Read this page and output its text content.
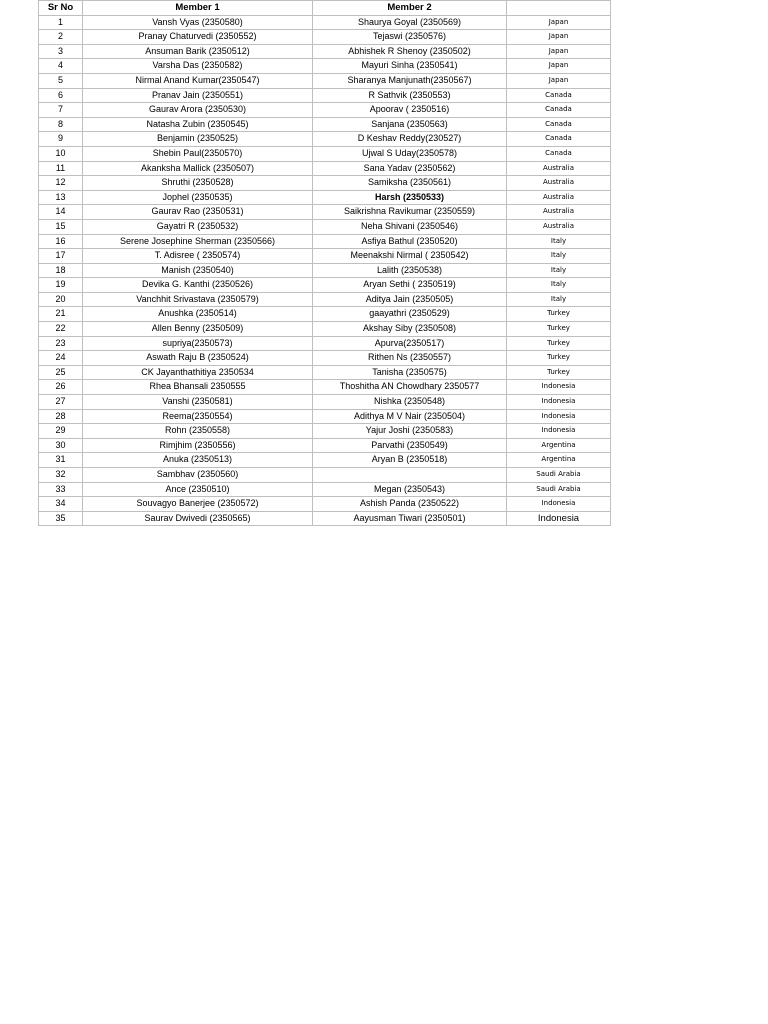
Sr No	Member 1	Member 2	
1	Vansh Vyas (2350580)	Shaurya Goyal (2350569)	Japan
2	Pranay Chaturvedi (2350552)	Tejaswi (2350576)	Japan
3	Ansuman Barik (2350512)	Abhishek R Shenoy (2350502)	Japan
4	Varsha Das (2350582)	Mayuri Sinha (2350541)	Japan
5	Nirmal Anand Kumar(2350547)	Sharanya Manjunath(2350567)	Japan
6	Pranav Jain (2350551)	R Sathvik (2350553)	Canada
7	Gaurav Arora (2350530)	Apoorav ( 2350516)	Canada
8	Natasha Zubin (2350545)	Sanjana (2350563)	Canada
9	Benjamin (2350525)	D Keshav Reddy(230527)	Canada
10	Shebin Paul(2350570)	Ujwal S Uday(2350578)	Canada
11	Akanksha Mallick (2350507)	Sana Yadav (2350562)	Australia
12	Shruthi (2350528)	Samiksha (2350561)	Australia
13	Jophel (2350535)	Harsh (2350533)	Australia
14	Gaurav Rao (2350531)	Saikrishna Ravikumar (2350559)	Australia
15	Gayatri R (2350532)	Neha Shivani (2350546)	Australia
16	Serene Josephine Sherman (2350566)	Asfiya Bathul (2350520)	Italy
17	T. Adisree ( 2350574)	Meenakshi Nirmal ( 2350542)	Italy
18	Manish (2350540)	Lalith (2350538)	Italy
19	Devika G. Kanthi (2350526)	Aryan Sethi ( 2350519)	Italy
20	Vanchhit Srivastava (2350579)	Aditya Jain (2350505)	Italy
21	Anushka (2350514)	gaayathri (2350529)	Turkey
22	Allen Benny (2350509)	Akshay Siby (2350508)	Turkey
23	supriya(2350573)	Apurva(2350517)	Turkey
24	Aswath Raju B (2350524)	Rithen Ns (2350557)	Turkey
25	CK Jayanthathitiya 2350534	Tanisha (2350575)	Turkey
26	Rhea Bhansali 2350555	Thoshitha AN Chowdhary 2350577	Indonesia
27	Vanshi (2350581)	Nishka (2350548)	Indonesia
28	Reema(2350554)	Adithya M V Nair (2350504)	Indonesia
29	Rohn (2350558)	Yajur Joshi (2350583)	Indonesia
30	Rimjhim (2350556)	Parvathi (2350549)	Argentina
31	Anuka (2350513)	Aryan B (2350518)	Argentina
32	Sambhav (2350560)		Saudi Arabia
33	Ance (2350510)	Megan (2350543)	Saudi Arabia
34	Souvagyo Banerjee (2350572)	Ashish Panda (2350522)	Indonesia
35	Saurav Dwivedi (2350565)	Aayusman Tiwari (2350501)	Indonesia
